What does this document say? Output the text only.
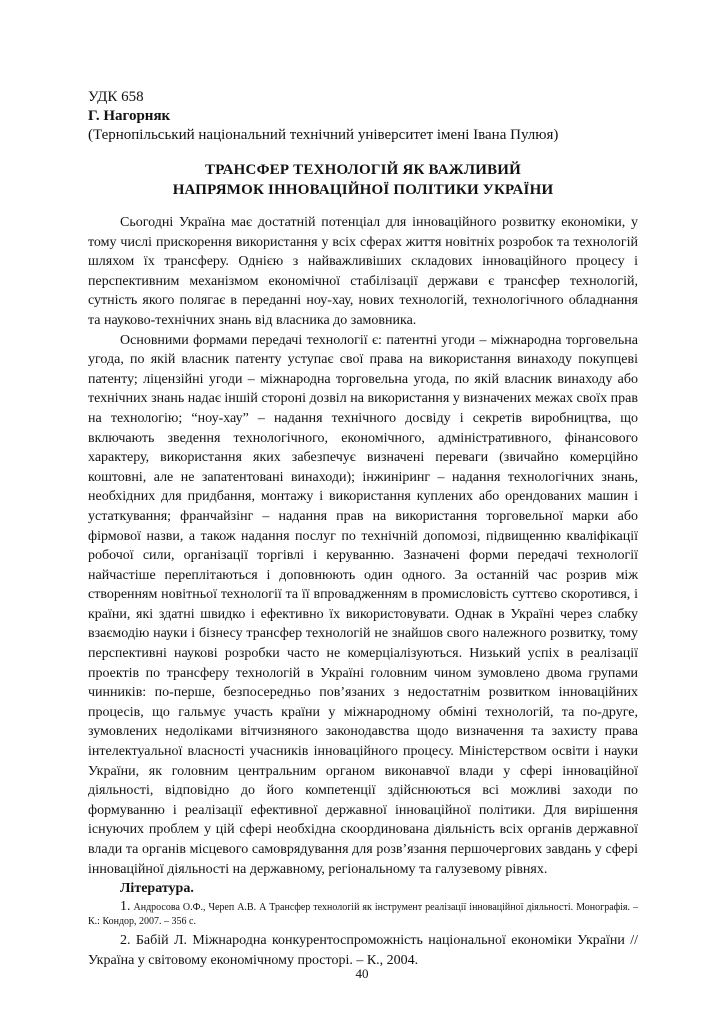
УДК 658
Г. Нагорняк
(Тернопільський національний технічний університет імені Івана Пулюя)
ТРАНСФЕР ТЕХНОЛОГІЙ ЯК ВАЖЛИВИЙ
НАПРЯМОК ІННОВАЦІЙНОЇ ПОЛІТИКИ УКРАЇНИ

Сьогодні Україна має достатній потенціал для інноваційного розвитку економіки, у тому числі прискорення використання у всіх сферах життя новітніх розробок та технологій шляхом їх трансферу. Однією з найважливіших складових інноваційного процесу і перспективним механізмом економічної стабілізації держави є трансфер технологій, сутність якого полягає в переданні ноу-хау, нових технологій, технологічного обладнання та науково-технічних знань від власника до замовника.

Основними формами передачі технології є: патентні угоди – міжнародна торговельна угода, по якій власник патенту уступає свої права на використання винаходу покупцеві патенту; ліцензійні угоди – міжнародна торговельна угода, по якій власник винаходу або технічних знань надає іншій стороні дозвіл на використання у визначених межах своїх прав на технологію; “ноу-хау” – надання технічного досвіду і секретів виробництва, що включають зведення технологічного, економічного, адміністративного, фінансового характеру, використання яких забезпечує визначені переваги (звичайно комерційно коштовні, але не запатентовані винаходи); інжиніринг – надання технологічних знань, необхідних для придбання, монтажу і використання куплених або орендованих машин і устаткування; франчайзінг – надання прав на використання торговельної марки або фірмової назви, а також надання послуг по технічній допомозі, підвищенню кваліфікації робочої сили, організації торгівлі і керуванню. Зазначені форми передачі технології найчастіше переплітаються і доповнюють один одного. За останній час розрив між створенням новітньої технології та її впровадженням в промисловість суттєво скоротився, і країни, які здатні швидко і ефективно їх використовувати. Однак в Україні через слабку взаємодію науки і бізнесу трансфер технологій не знайшов свого належного розвитку, тому перспективні наукові розробки часто не комерціалізуються. Низький успіх в реалізації проектів по трансферу технологій в Україні головним чином зумовлено двома групами чинників: по-перше, безпосередньо пов’язаних з недостатнім розвитком інноваційних процесів, що гальмує участь країни у міжнародному обміні технологій, та по-друге, зумовлених недоліками вітчизняного законодавства щодо визначення та захисту права інтелектуальної власності учасників інноваційного процесу. Міністерством освіти і науки України, як головним центральним органом виконавчої влади у сфері інноваційної діяльності, відповідно до його компетенції здійснюються всі можливі заходи по формуванню і реалізації ефективної державної інноваційної політики. Для вирішення існуючих проблем у цій сфері необхідна скоординована діяльність всіх органів державної влади та органів місцевого самоврядування для розв’язання першочергових завдань у сфері інноваційної діяльності на державному, регіональному та галузевому рівнях.

Література.

1. Андросова О.Ф., Череп А.В. А Трансфер технологій як інструмент реалізації інноваційної діяльності. Монографія. – К.: Кондор, 2007. – 356 с.

2. Бабій Л. Міжнародна конкурентоспроможність національної економіки України // Україна у світовому економічному просторі. – К., 2004.

40
